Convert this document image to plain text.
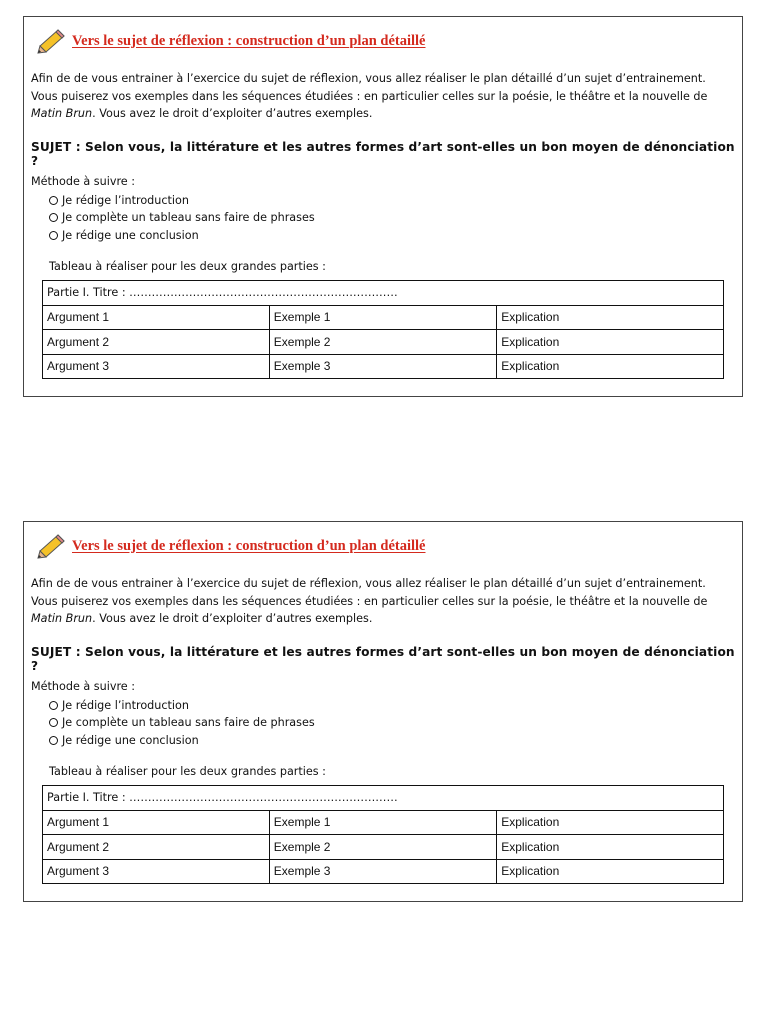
Vers le sujet de réflexion : construction d’un plan détaillé
Afin de de vous entrainer à l’exercice du sujet de réflexion, vous allez réaliser le plan détaillé d’un sujet d’entrainement.
Vous puiserez vos exemples dans les séquences étudiées : en particulier celles sur la poésie, le théâtre et la nouvelle de
Matin Brun. Vous avez le droit d’exploiter d’autres exemples.
SUJET : Selon vous, la littérature et les autres formes d’art sont-elles un bon moyen de dénonciation ?
Méthode à suivre :
Je rédige l’introduction
Je complète un tableau sans faire de phrases
Je rédige une conclusion
Tableau à réaliser pour les deux grandes parties :
Partie I. Titre : ………………………………………………………………		
Argument 1	Exemple 1	Explication
Argument 2	Exemple 2	Explication
Argument 3	Exemple 3	Explication
Vers le sujet de réflexion : construction d’un plan détaillé
Afin de de vous entrainer à l’exercice du sujet de réflexion, vous allez réaliser le plan détaillé d’un sujet d’entrainement.
Vous puiserez vos exemples dans les séquences étudiées : en particulier celles sur la poésie, le théâtre et la nouvelle de
Matin Brun. Vous avez le droit d’exploiter d’autres exemples.
SUJET : Selon vous, la littérature et les autres formes d’art sont-elles un bon moyen de dénonciation ?
Méthode à suivre :
Je rédige l’introduction
Je complète un tableau sans faire de phrases
Je rédige une conclusion
Tableau à réaliser pour les deux grandes parties :
Partie I. Titre : ………………………………………………………………		
Argument 1	Exemple 1	Explication
Argument 2	Exemple 2	Explication
Argument 3	Exemple 3	Explication
